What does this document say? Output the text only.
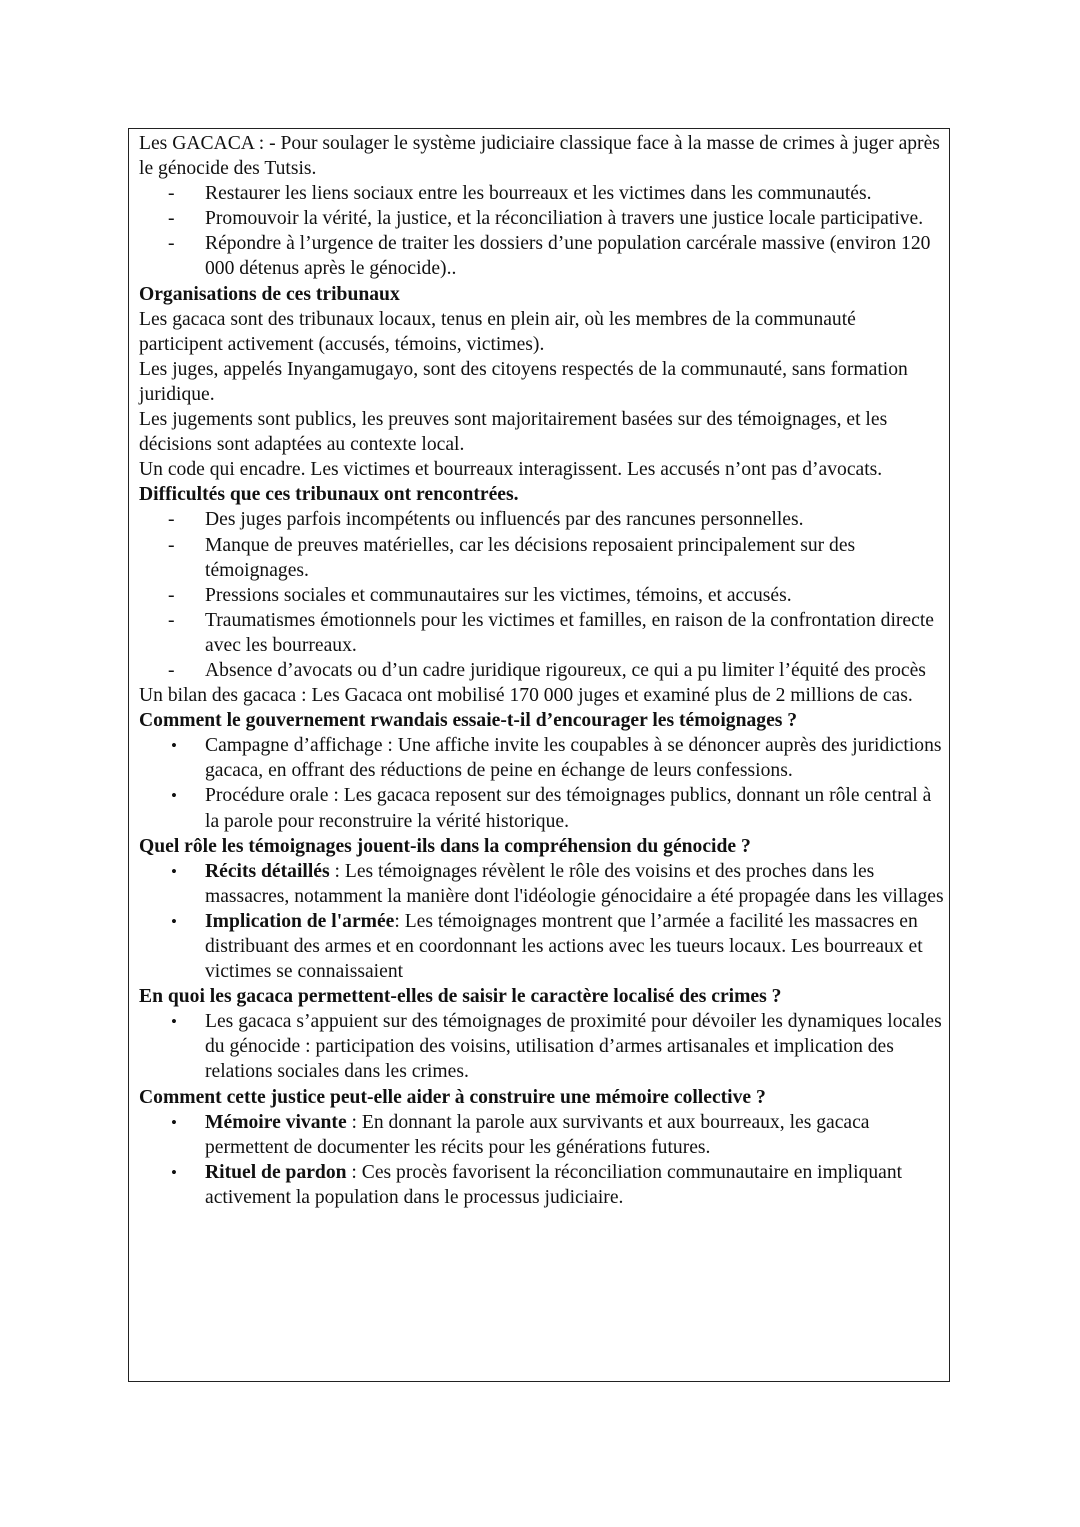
Les GACACA : - Pour soulager le système judiciaire classique face à la masse de crimes à juger après le génocide des Tutsis.

- Restaurer les liens sociaux entre les bourreaux et les victimes dans les communautés.
- Promouvoir la vérité, la justice, et la réconciliation à travers une justice locale participative.
- Répondre à l’urgence de traiter les dossiers d’une population carcérale massive (environ 120 000 détenus après le génocide)..

Organisations de ces tribunaux

Les gacaca sont des tribunaux locaux, tenus en plein air, où les membres de la communauté participent activement (accusés, témoins, victimes).

Les juges, appelés Inyangamugayo, sont des citoyens respectés de la communauté, sans formation juridique.

Les jugements sont publics, les preuves sont majoritairement basées sur des témoignages, et les décisions sont adaptées au contexte local.

Un code qui encadre. Les victimes et bourreaux interagissent. Les accusés n’ont pas d’avocats.

Difficultés que ces tribunaux ont rencontrées.

- Des juges parfois incompétents ou influencés par des rancunes personnelles.
- Manque de preuves matérielles, car les décisions reposaient principalement sur des témoignages.
- Pressions sociales et communautaires sur les victimes, témoins, et accusés.
- Traumatismes émotionnels pour les victimes et familles, en raison de la confrontation directe avec les bourreaux.
- Absence d’avocats ou d’un cadre juridique rigoureux, ce qui a pu limiter l’équité des procès

Un bilan des gacaca : Les Gacaca ont mobilisé 170 000 juges et examiné plus de 2 millions de cas.

Comment le gouvernement rwandais essaie-t-il d’encourager les témoignages ?

• Campagne d’affichage : Une affiche invite les coupables à se dénoncer auprès des juridictions gacaca, en offrant des réductions de peine en échange de leurs confessions.
• Procédure orale : Les gacaca reposent sur des témoignages publics, donnant un rôle central à la parole pour reconstruire la vérité historique.

Quel rôle les témoignages jouent-ils dans la compréhension du génocide ?

• Récits détaillés : Les témoignages révèlent le rôle des voisins et des proches dans les massacres, notamment la manière dont l'idéologie génocidaire a été propagée dans les villages
• Implication de l'armée: Les témoignages montrent que l’armée a facilité les massacres en distribuant des armes et en coordonnant les actions avec les tueurs locaux. Les bourreaux et victimes se connaissaient

En quoi les gacaca permettent-elles de saisir le caractère localisé des crimes ?

• Les gacaca s’appuient sur des témoignages de proximité pour dévoiler les dynamiques locales du génocide : participation des voisins, utilisation d’armes artisanales et implication des relations sociales dans les crimes.

Comment cette justice peut-elle aider à construire une mémoire collective ?

• Mémoire vivante : En donnant la parole aux survivants et aux bourreaux, les gacaca permettent de documenter les récits pour les générations futures.
• Rituel de pardon : Ces procès favorisent la réconciliation communautaire en impliquant activement la population dans le processus judiciaire.
